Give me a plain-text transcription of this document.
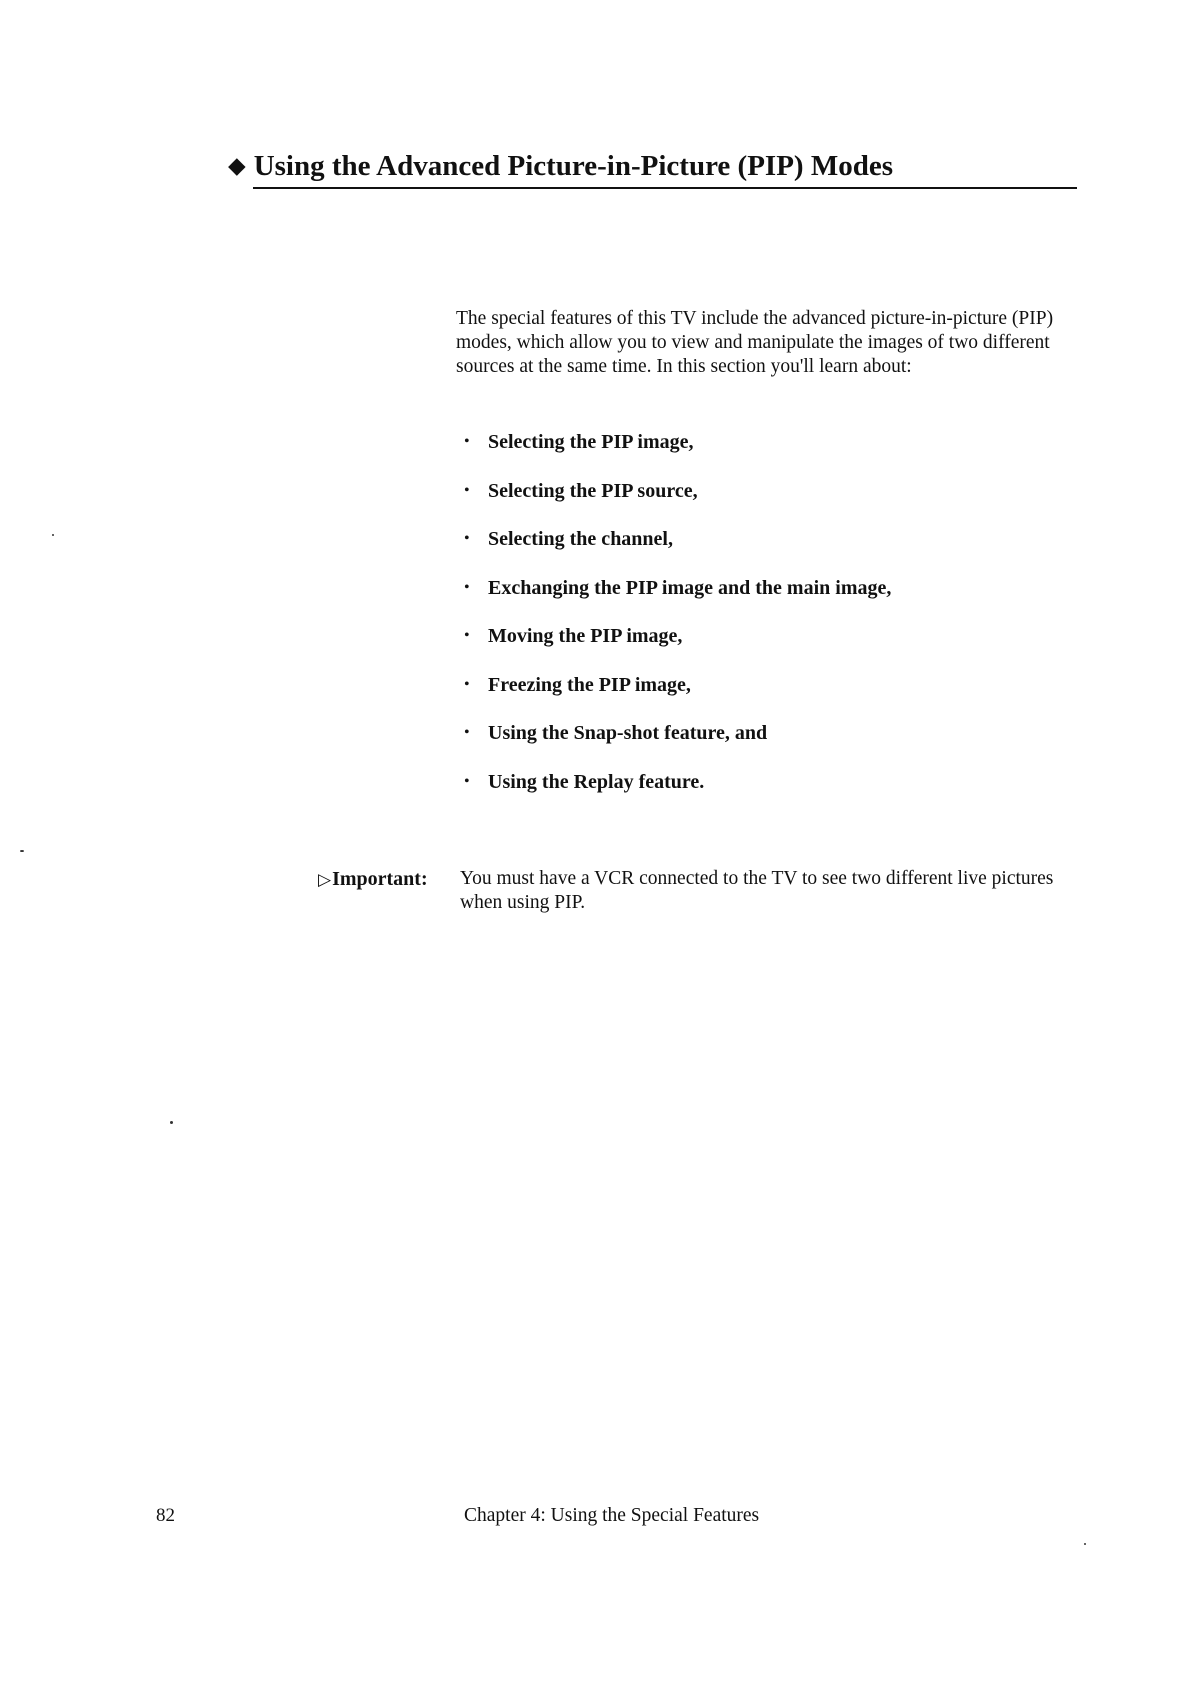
◆ Using the Advanced Picture-in-Picture (PIP) Modes

The special features of this TV include the advanced picture-in-picture (PIP) modes, which allow you to view and manipulate the images of two different sources at the same time. In this section you'll learn about:

• Selecting the PIP image,
• Selecting the PIP source,
• Selecting the channel,
• Exchanging the PIP image and the main image,
• Moving the PIP image,
• Freezing the PIP image,
• Using the Snap-shot feature, and
• Using the Replay feature.
▷Important: You must have a VCR connected to the TV to see two different live pictures when using PIP.

82	Chapter 4: Using the Special Features
